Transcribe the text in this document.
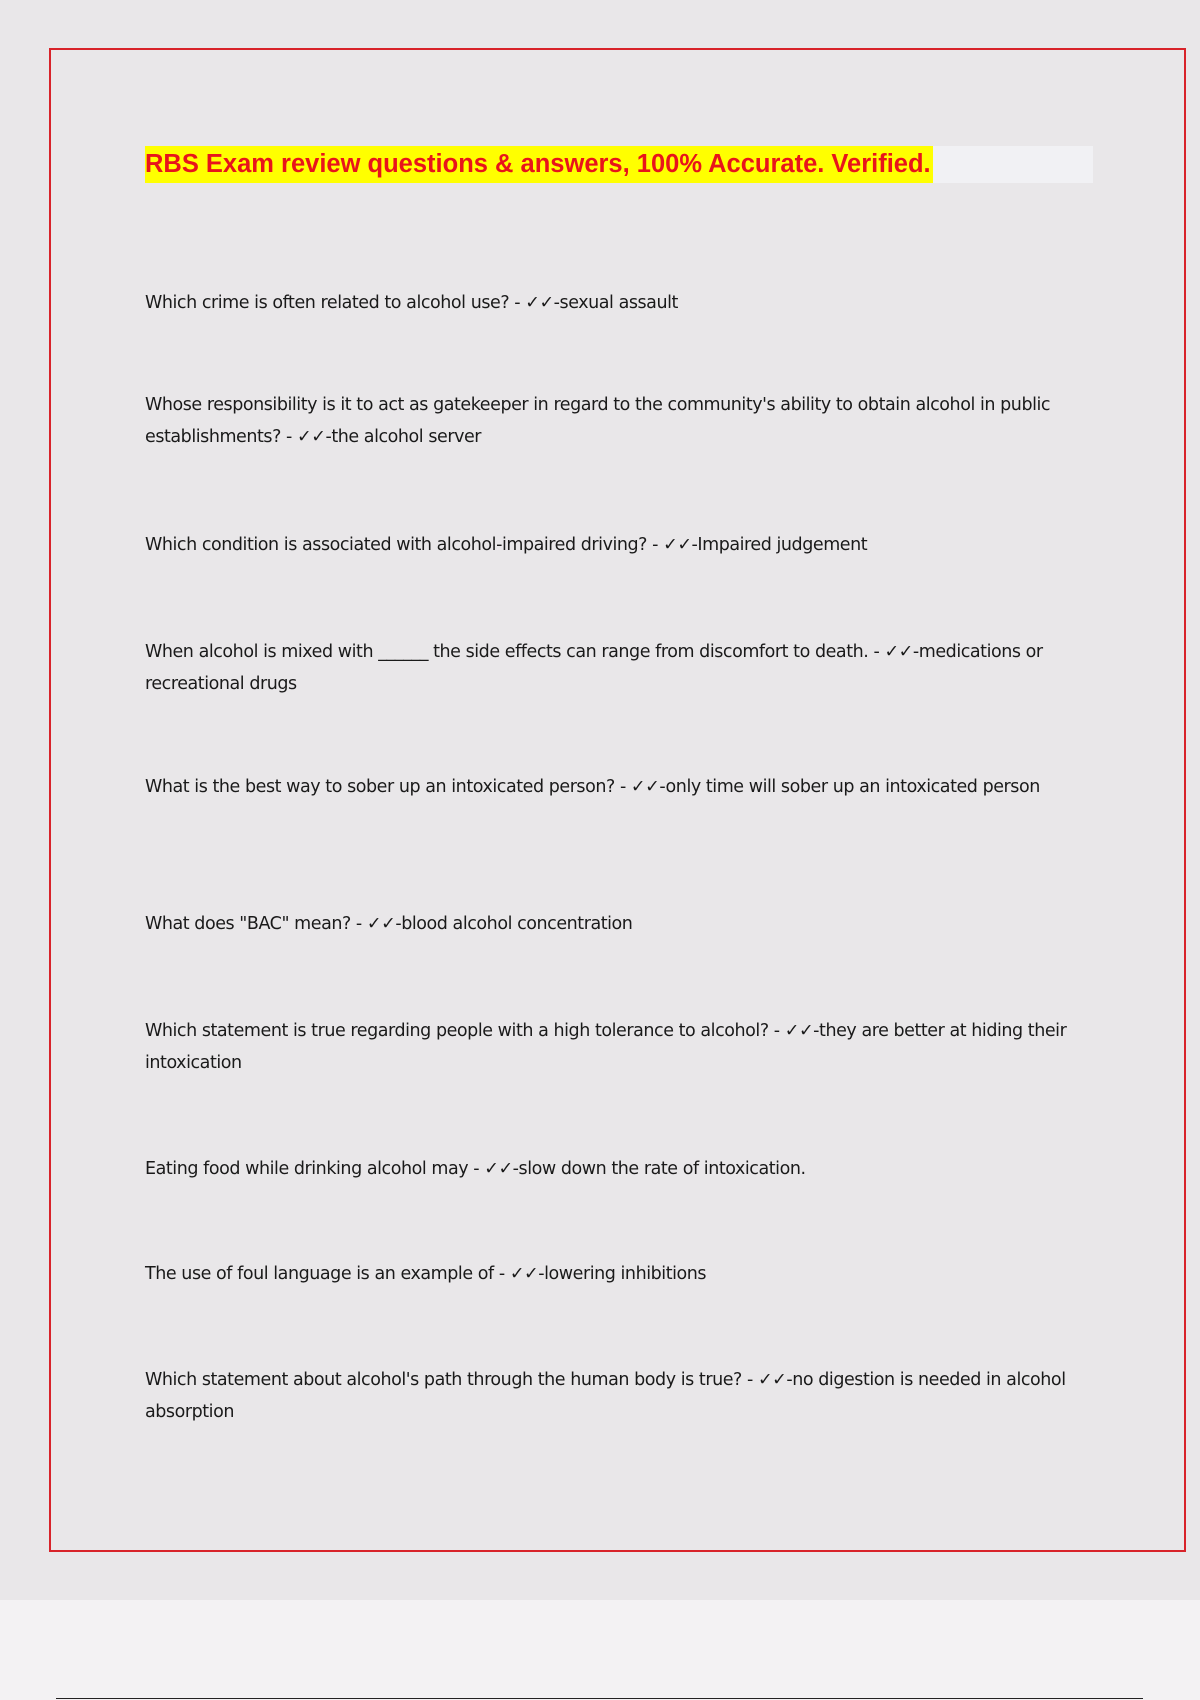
RBS Exam review questions & answers, 100% Accurate. Verified.

Which crime is often related to alcohol use? - ✓✓-sexual assault

Whose responsibility is it to act as gatekeeper in regard to the community's ability to obtain alcohol in public establishments? - ✓✓-the alcohol server

Which condition is associated with alcohol-impaired driving? - ✓✓-Impaired judgement

When alcohol is mixed with ______ the side effects can range from discomfort to death. - ✓✓-medications or recreational drugs

What is the best way to sober up an intoxicated person? - ✓✓-only time will sober up an intoxicated person

What does "BAC" mean? - ✓✓-blood alcohol concentration

Which statement is true regarding people with a high tolerance to alcohol? - ✓✓-they are better at hiding their intoxication

Eating food while drinking alcohol may - ✓✓-slow down the rate of intoxication.

The use of foul language is an example of - ✓✓-lowering inhibitions

Which statement about alcohol's path through the human body is true? - ✓✓-no digestion is needed in alcohol absorption
